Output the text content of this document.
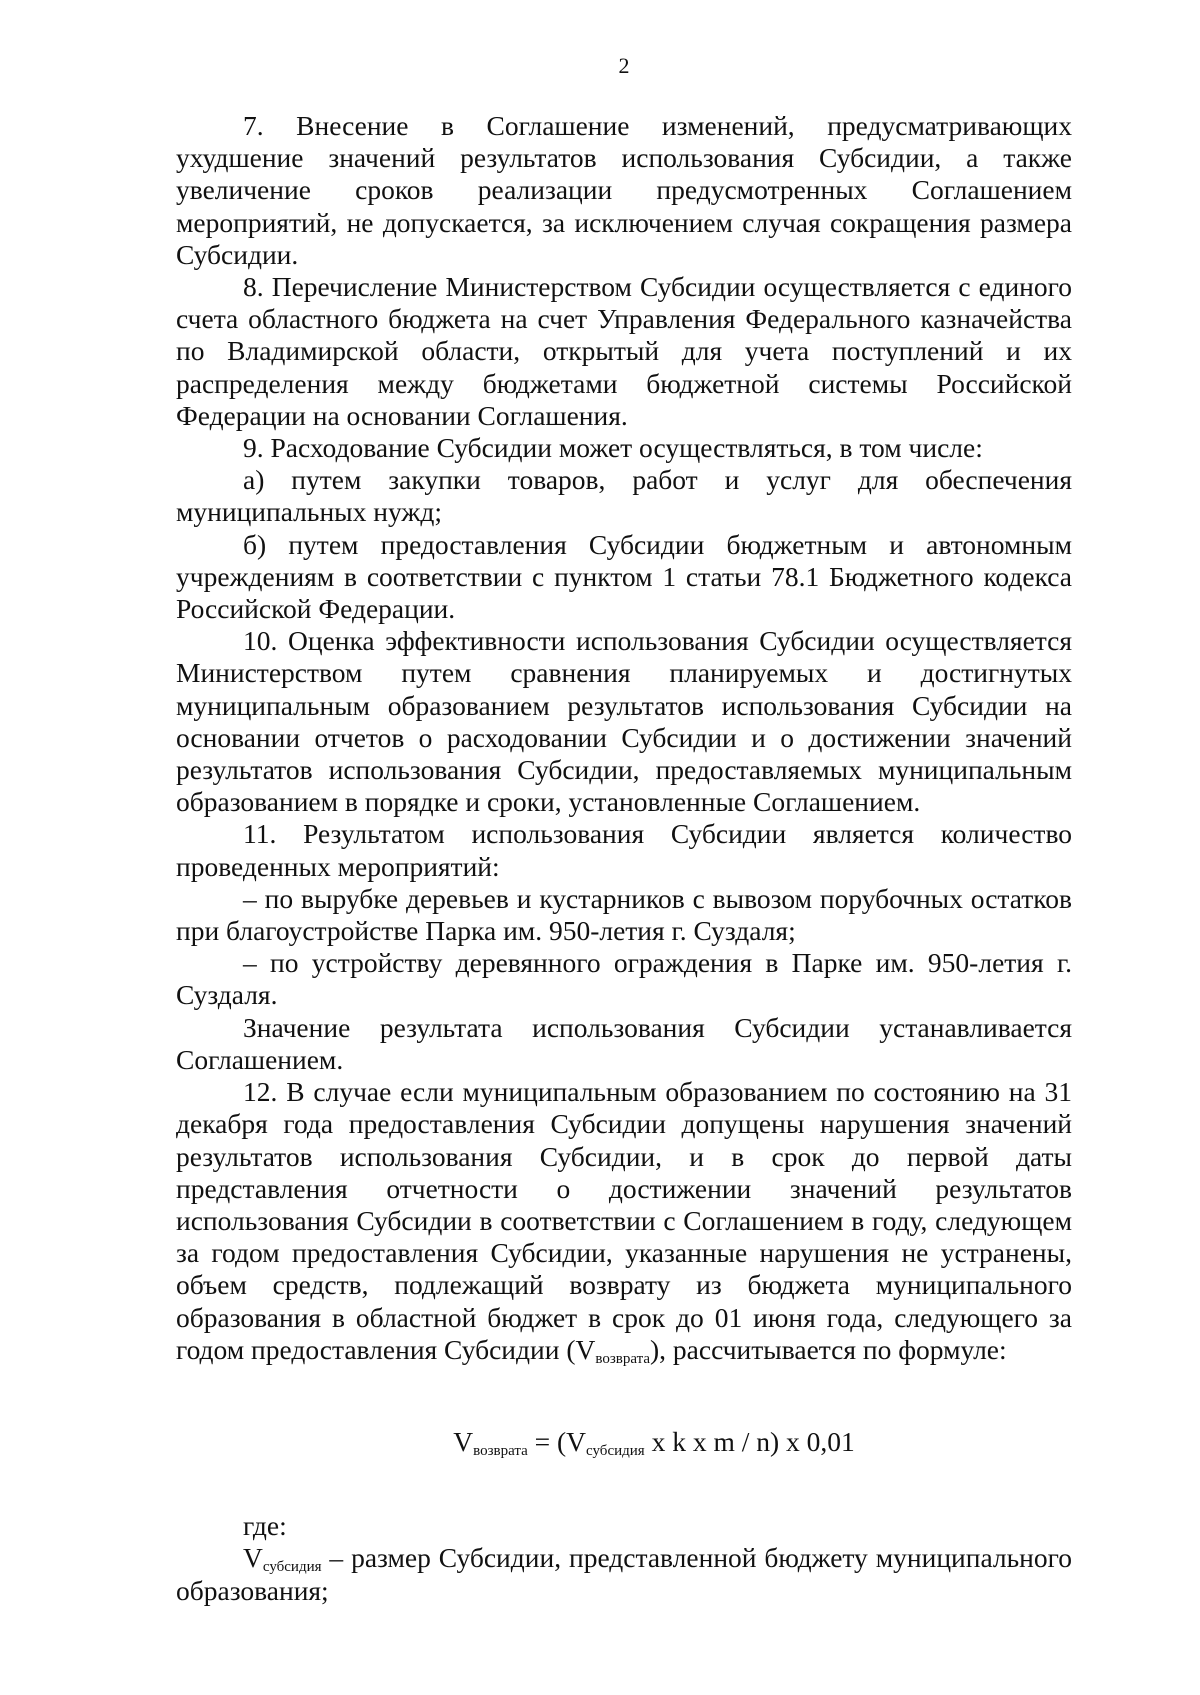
2

7. Внесение в Соглашение изменений, предусматривающих ухудшение значений результатов использования Субсидии, а также увеличение сроков реализации предусмотренных Соглашением мероприятий, не допускается, за исключением случая сокращения размера Субсидии.

8. Перечисление Министерством Субсидии осуществляется с единого счета областного бюджета на счет Управления Федерального казначейства по Владимирской области, открытый для учета поступлений и их распределения между бюджетами бюджетной системы Российской Федерации на основании Соглашения.

9. Расходование Субсидии может осуществляться, в том числе:

а) путем закупки товаров, работ и услуг для обеспечения муниципальных нужд;

б) путем предоставления Субсидии бюджетным и автономным учреждениям в соответствии с пунктом 1 статьи 78.1 Бюджетного кодекса Российской Федерации.

10. Оценка эффективности использования Субсидии осуществляется Министерством путем сравнения планируемых и достигнутых муниципальным образованием результатов использования Субсидии на основании отчетов о расходовании Субсидии и о достижении значений результатов использования Субсидии, предоставляемых муниципальным образованием в порядке и сроки, установленные Соглашением.

11. Результатом использования Субсидии является количество проведенных мероприятий:

– по вырубке деревьев и кустарников с вывозом порубочных остатков при благоустройстве Парка им. 950-летия г. Суздаля;

– по устройству деревянного ограждения в Парке им. 950-летия г. Суздаля.

Значение результата использования Субсидии устанавливается Соглашением.

12. В случае если муниципальным образованием по состоянию на 31 декабря года предоставления Субсидии допущены нарушения значений результатов использования Субсидии, и в срок до первой даты представления отчетности о достижении значений результатов использования Субсидии в соответствии с Соглашением в году, следующем за годом предоставления Субсидии, указанные нарушения не устранены, объем средств, подлежащий возврату из бюджета муниципального образования в областной бюджет в срок до 01 июня года, следующего за годом предоставления Субсидии $(V_{возврата})$, рассчитывается по формуле:

$V_{возврата} = (V_{субсидия}$ x k x m / n) x 0,01

где:

$V_{субсидия}$ – размер Субсидии, представленной бюджету муниципального образования;
